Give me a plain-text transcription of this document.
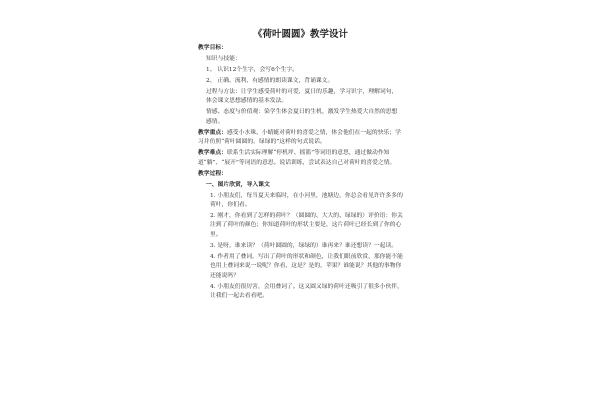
《荷叶圆圆》教学设计
教学目标：
知识与技能：
1、 认识12个生字，会写6个生字。
2、 正确、流利、有感情的朗读课文，背诵课文。
过程与方法：让学生感受荷叶的可爱，夏日的乐趣，学习识字，理解词句，体会课文思想感情的基本发法。
情感、态度与价值观：染学生体会夏日的生机，激发学生热爱大自然的思想感情。
教学重点：感受小水珠、小蜻蜓对荷叶的喜爱之情，体会他们在一起的快乐；学习并仿照“荷叶圆圆的，绿绿的”这样的句式说话。
教学难点：联系生活实际理解“停机坪、摇篮”等词语的意思，通过做动作知道“躺”、“展开”等词语的意思。说话训练，尝试表达自己对荷叶的喜爱之情。
教学过程：
一、图片欣赏，导入课文
1. 小朋友们，每当夏天来临时，在小河里，池塘边，你总会看见许许多多的荷叶，你们看。
2. 刚才，你看到了怎样的荷叶？（圆圆的、大大的、绿绿的）评价语：你关注到了荷叶的颜色；你知道荷叶的形状主要是，这片荷叶已经长到了你的心里。
3. 是呀，谁来读？（荷叶圆圆的，绿绿的）谁再来？谁还想读？一起读。
4. 作者用了叠词，写出了荷叶的形状和颜色，让我们眼前欣赏，那你能不能也用上叠词来说一说呢？你看，这是？是的，苹果？谁能说？其他的事物你还能说吗？
4. 小朋友们很厉害，会用叠词了。这又圆又绿的荷叶还吸引了很多小伙伴，让我们一起去看看吧。
